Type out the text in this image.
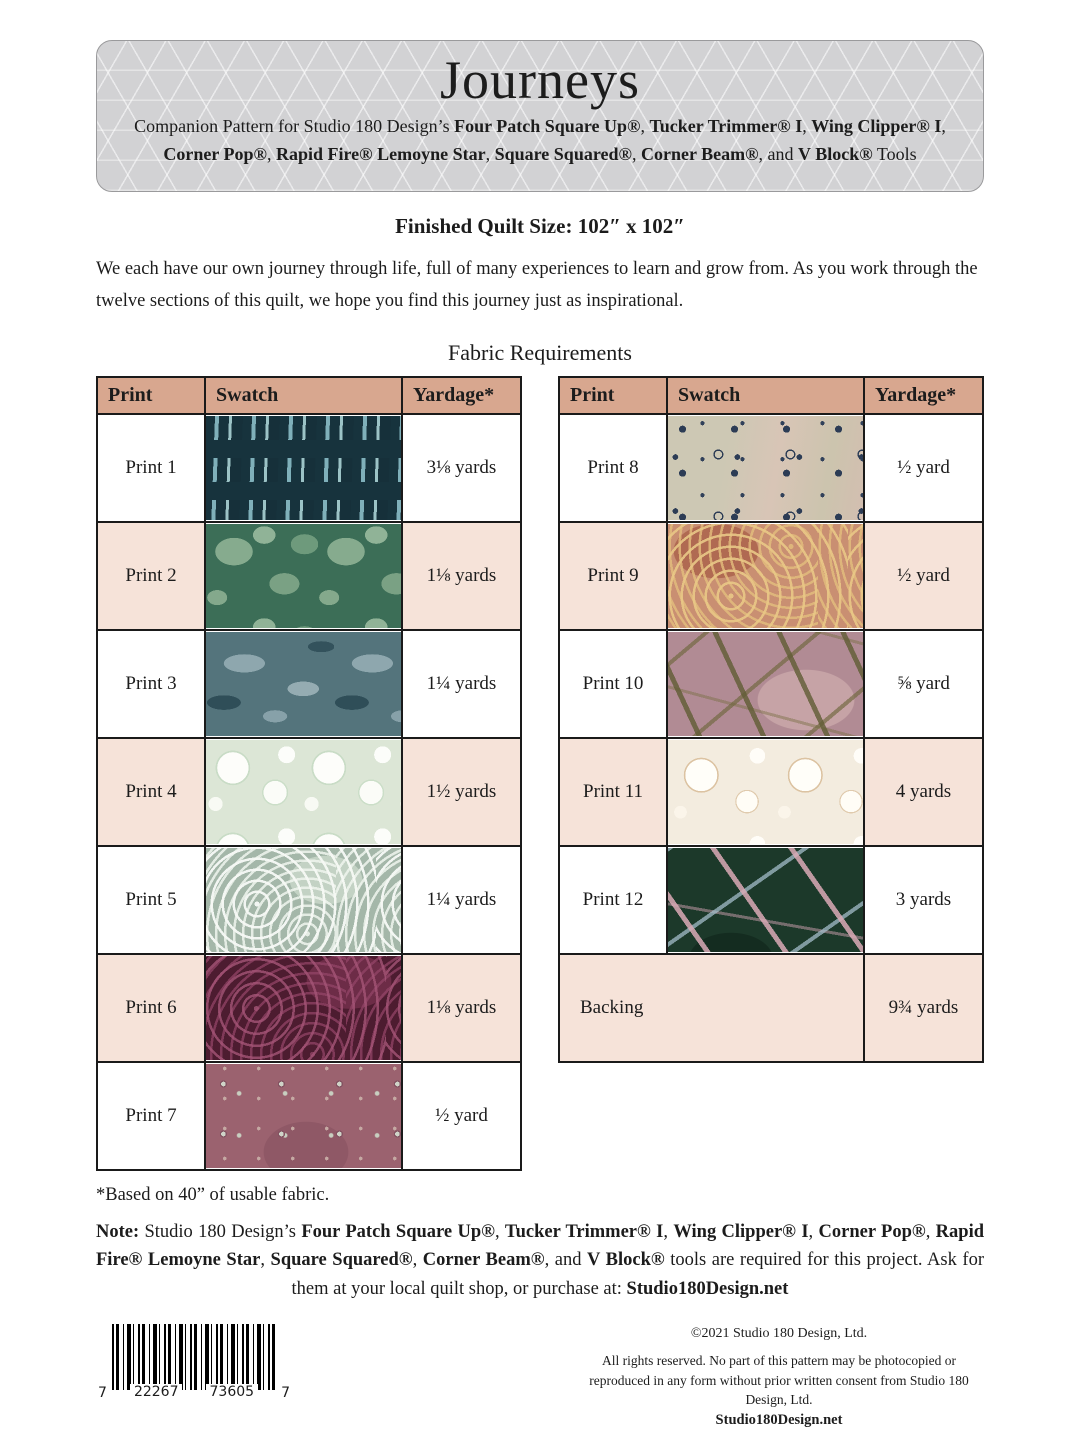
Journeys

Companion Pattern for Studio 180 Design’s Four Patch Square Up®, Tucker Trimmer® I, Wing Clipper® I, Corner Pop®, Rapid Fire® Lemoyne Star, Square Squared®, Corner Beam®, and V Block® Tools

Finished Quilt Size: 102″ x 102″

We each have our own journey through life, full of many experiences to learn and grow from. As you work through the twelve sections of this quilt, we hope you find this journey just as inspirational.

Fabric Requirements
Print	Swatch	Yardage*
Print 1		3⅛ yards
Print 2		1⅛ yards
Print 3		1¼ yards
Print 4		1½ yards
Print 5		1¼ yards
Print 6		1⅛ yards
Print 7		½ yard
Print	Swatch	Yardage*
Print 8		½ yard
Print 9		½ yard
Print 10		⅝ yard
Print 11		4 yards
Print 12		3 yards
Backing		9¾ yards

*Based on 40” of usable fabric.

Note: Studio 180 Design’s Four Patch Square Up®, Tucker Trimmer® I, Wing Clipper® I, Corner Pop®, Rapid Fire® Lemoyne Star, Square Squared®, Corner Beam®, and V Block® tools are required for this project. Ask for them at your local quilt shop, or purchase at: Studio180Design.net

7 22267 73605 7
©2021 Studio 180 Design, Ltd.
All rights reserved. No part of this pattern may be photocopied or reproduced in any form without prior written consent from Studio 180 Design, Ltd.
Studio180Design.net
